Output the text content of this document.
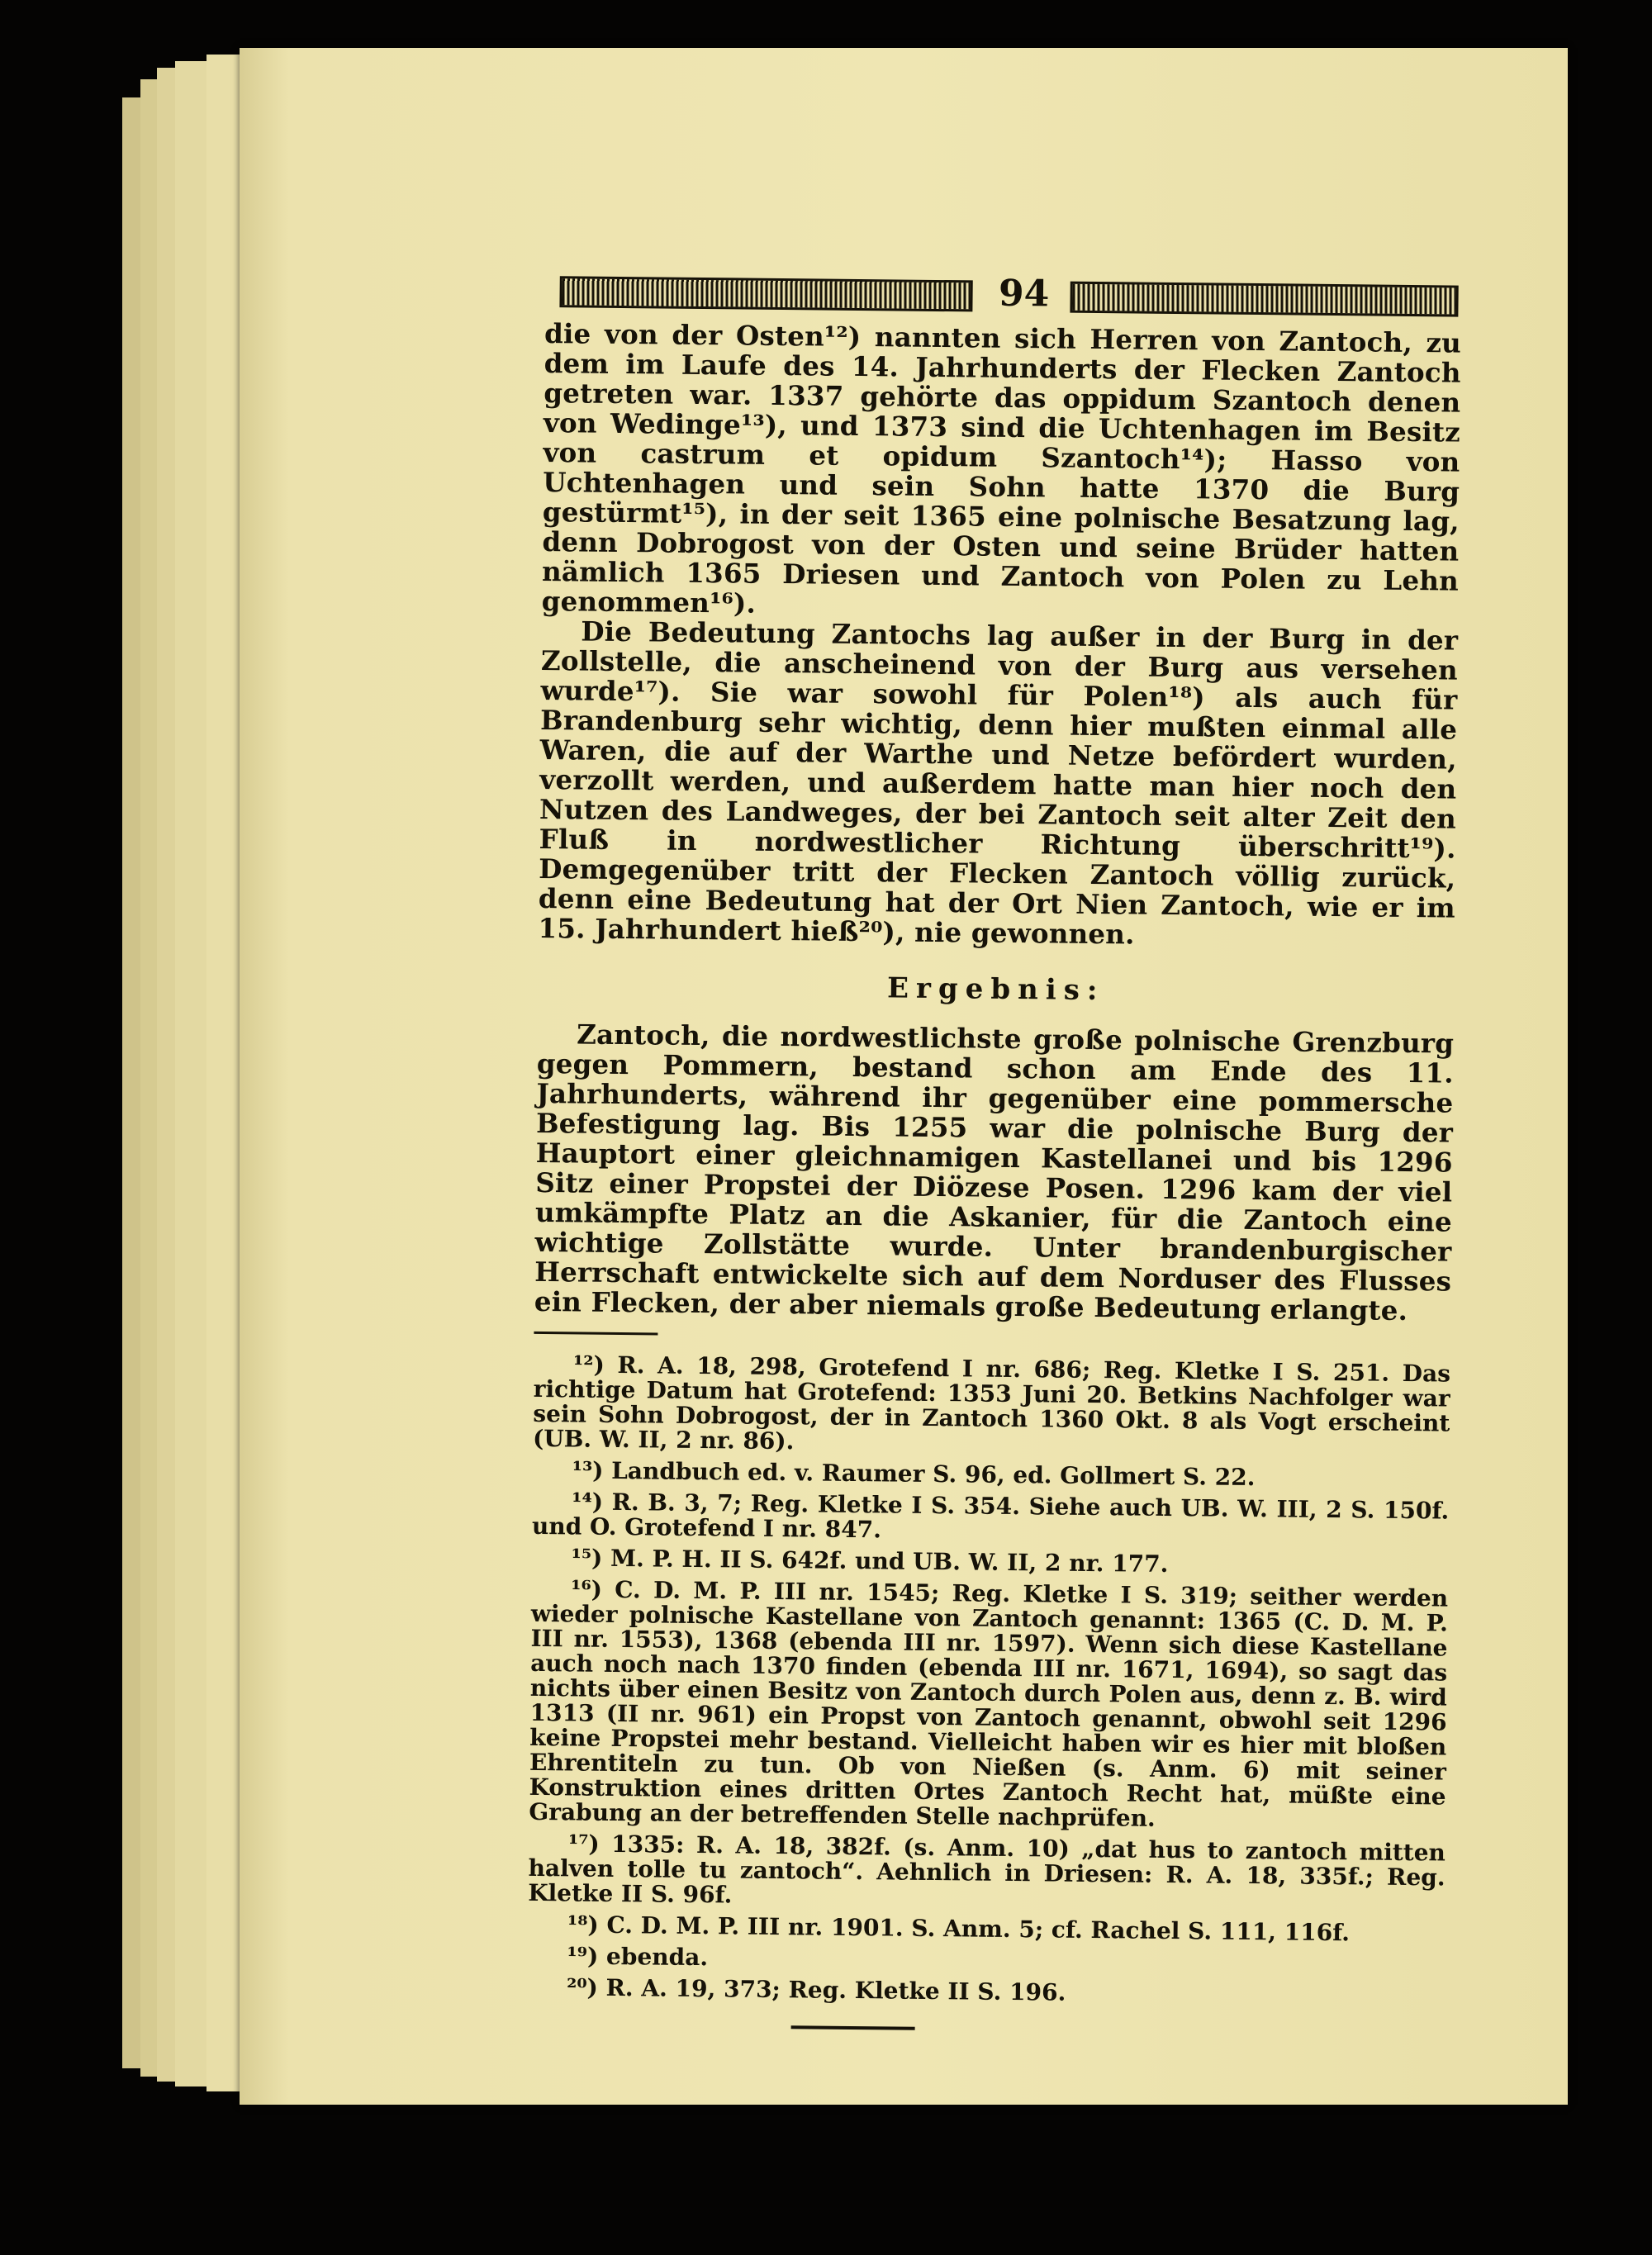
94

die von der Osten¹²) nannten sich Herren von Zantoch, zu dem im Laufe des 14. Jahrhunderts der Flecken Zantoch getreten war. 1337 gehörte das oppidum Szantoch denen von Wedinge¹³), und 1373 sind die Uchtenhagen im Besitz von castrum et opidum Szantoch¹⁴); Hasso von Uchtenhagen und sein Sohn hatte 1370 die Burg gestürmt¹⁵), in der seit 1365 eine polnische Besatzung lag, denn Dobrogost von der Osten und seine Brüder hatten nämlich 1365 Driesen und Zantoch von Polen zu Lehn genommen¹⁶).

Die Bedeutung Zantochs lag außer in der Burg in der Zollstelle, die anscheinend von der Burg aus versehen wurde¹⁷). Sie war sowohl für Polen¹⁸) als auch für Brandenburg sehr wichtig, denn hier mußten einmal alle Waren, die auf der Warthe und Netze befördert wurden, verzollt werden, und außerdem hatte man hier noch den Nutzen des Landweges, der bei Zantoch seit alter Zeit den Fluß in nordwestlicher Richtung überschritt¹⁹). Demgegenüber tritt der Flecken Zantoch völlig zurück, denn eine Bedeutung hat der Ort Nien Zantoch, wie er im 15. Jahrhundert hieß²⁰), nie gewonnen.

Ergebnis:

Zantoch, die nordwestlichste große polnische Grenzburg gegen Pommern, bestand schon am Ende des 11. Jahrhunderts, während ihr gegenüber eine pommersche Befestigung lag. Bis 1255 war die polnische Burg der Hauptort einer gleichnamigen Kastellanei und bis 1296 Sitz einer Propstei der Diözese Posen. 1296 kam der viel umkämpfte Platz an die Askanier, für die Zantoch eine wichtige Zollstätte wurde. Unter brandenburgischer Herrschaft entwickelte sich auf dem Norduser des Flusses ein Flecken, der aber niemals große Bedeutung erlangte.

¹²) R. A. 18, 298, Grotefend I nr. 686; Reg. Kletke I S. 251. Das richtige Datum hat Grotefend: 1353 Juni 20. Betkins Nachfolger war sein Sohn Dobrogost, der in Zantoch 1360 Okt. 8 als Vogt erscheint (UB. W. II, 2 nr. 86).

¹³) Landbuch ed. v. Raumer S. 96, ed. Gollmert S. 22.

¹⁴) R. B. 3, 7; Reg. Kletke I S. 354. Siehe auch UB. W. III, 2 S. 150f. und O. Grotefend I nr. 847.

¹⁵) M. P. H. II S. 642f. und UB. W. II, 2 nr. 177.

¹⁶) C. D. M. P. III nr. 1545; Reg. Kletke I S. 319; seither werden wieder polnische Kastellane von Zantoch genannt: 1365 (C. D. M. P. III nr. 1553), 1368 (ebenda III nr. 1597). Wenn sich diese Kastellane auch noch nach 1370 finden (ebenda III nr. 1671, 1694), so sagt das nichts über einen Besitz von Zantoch durch Polen aus, denn z. B. wird 1313 (II nr. 961) ein Propst von Zantoch genannt, obwohl seit 1296 keine Propstei mehr bestand. Vielleicht haben wir es hier mit bloßen Ehrentiteln zu tun. Ob von Nießen (s. Anm. 6) mit seiner Konstruktion eines dritten Ortes Zantoch Recht hat, müßte eine Grabung an der betreffenden Stelle nachprüfen.

¹⁷) 1335: R. A. 18, 382f. (s. Anm. 10) „dat hus to zantoch mitten halven tolle tu zantoch“. Aehnlich in Driesen: R. A. 18, 335f.; Reg. Kletke II S. 96f.

¹⁸) C. D. M. P. III nr. 1901. S. Anm. 5; cf. Rachel S. 111, 116f.

¹⁹) ebenda.

²⁰) R. A. 19, 373; Reg. Kletke II S. 196.
